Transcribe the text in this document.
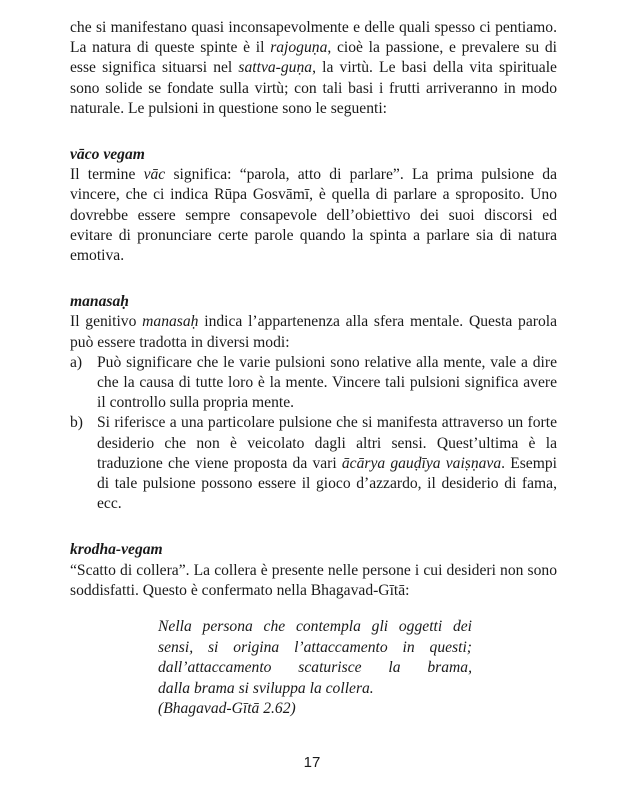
che si manifestano quasi inconsapevolmente e delle quali spesso ci pentiamo. La natura di queste spinte è il rajoguṇa, cioè la passione, e prevalere su di esse significa situarsi nel sattva-guṇa, la virtù. Le basi della vita spirituale sono solide se fondate sulla virtù; con tali basi i frutti arriveranno in modo naturale. Le pulsioni in questione sono le seguenti:

vāco vegam

Il termine vāc significa: “parola, atto di parlare”. La prima pulsione da vincere, che ci indica Rūpa Gosvāmī, è quella di parlare a sproposito. Uno dovrebbe essere sempre consapevole dell’obiettivo dei suoi discorsi ed evitare di pronunciare certe parole quando la spinta a parlare sia di natura emotiva.

manasaḥ

Il genitivo manasaḥ indica l’appartenenza alla sfera mentale. Questa parola può essere tradotta in diversi modi:

a) Può significare che le varie pulsioni sono relative alla mente, vale a dire che la causa di tutte loro è la mente. Vincere tali pulsioni significa avere il controllo sulla propria mente.
b) Si riferisce a una particolare pulsione che si manifesta attraverso un forte desiderio che non è veicolato dagli altri sensi. Quest’ultima è la traduzione che viene proposta da vari ācārya gauḍīya vaiṣṇava. Esempi di tale pulsione possono essere il gioco d’azzardo, il desiderio di fama, ecc.

krodha-vegam

“Scatto di collera”. La collera è presente nelle persone i cui desideri non sono soddisfatti. Questo è confermato nella Bhagavad-Gītā:

Nella persona che contempla gli oggetti dei
sensi, si origina l’attaccamento in questi;
dall’attaccamento scaturisce la brama,
dalla brama si sviluppa la collera.
(Bhagavad-Gītā 2.62)
17
